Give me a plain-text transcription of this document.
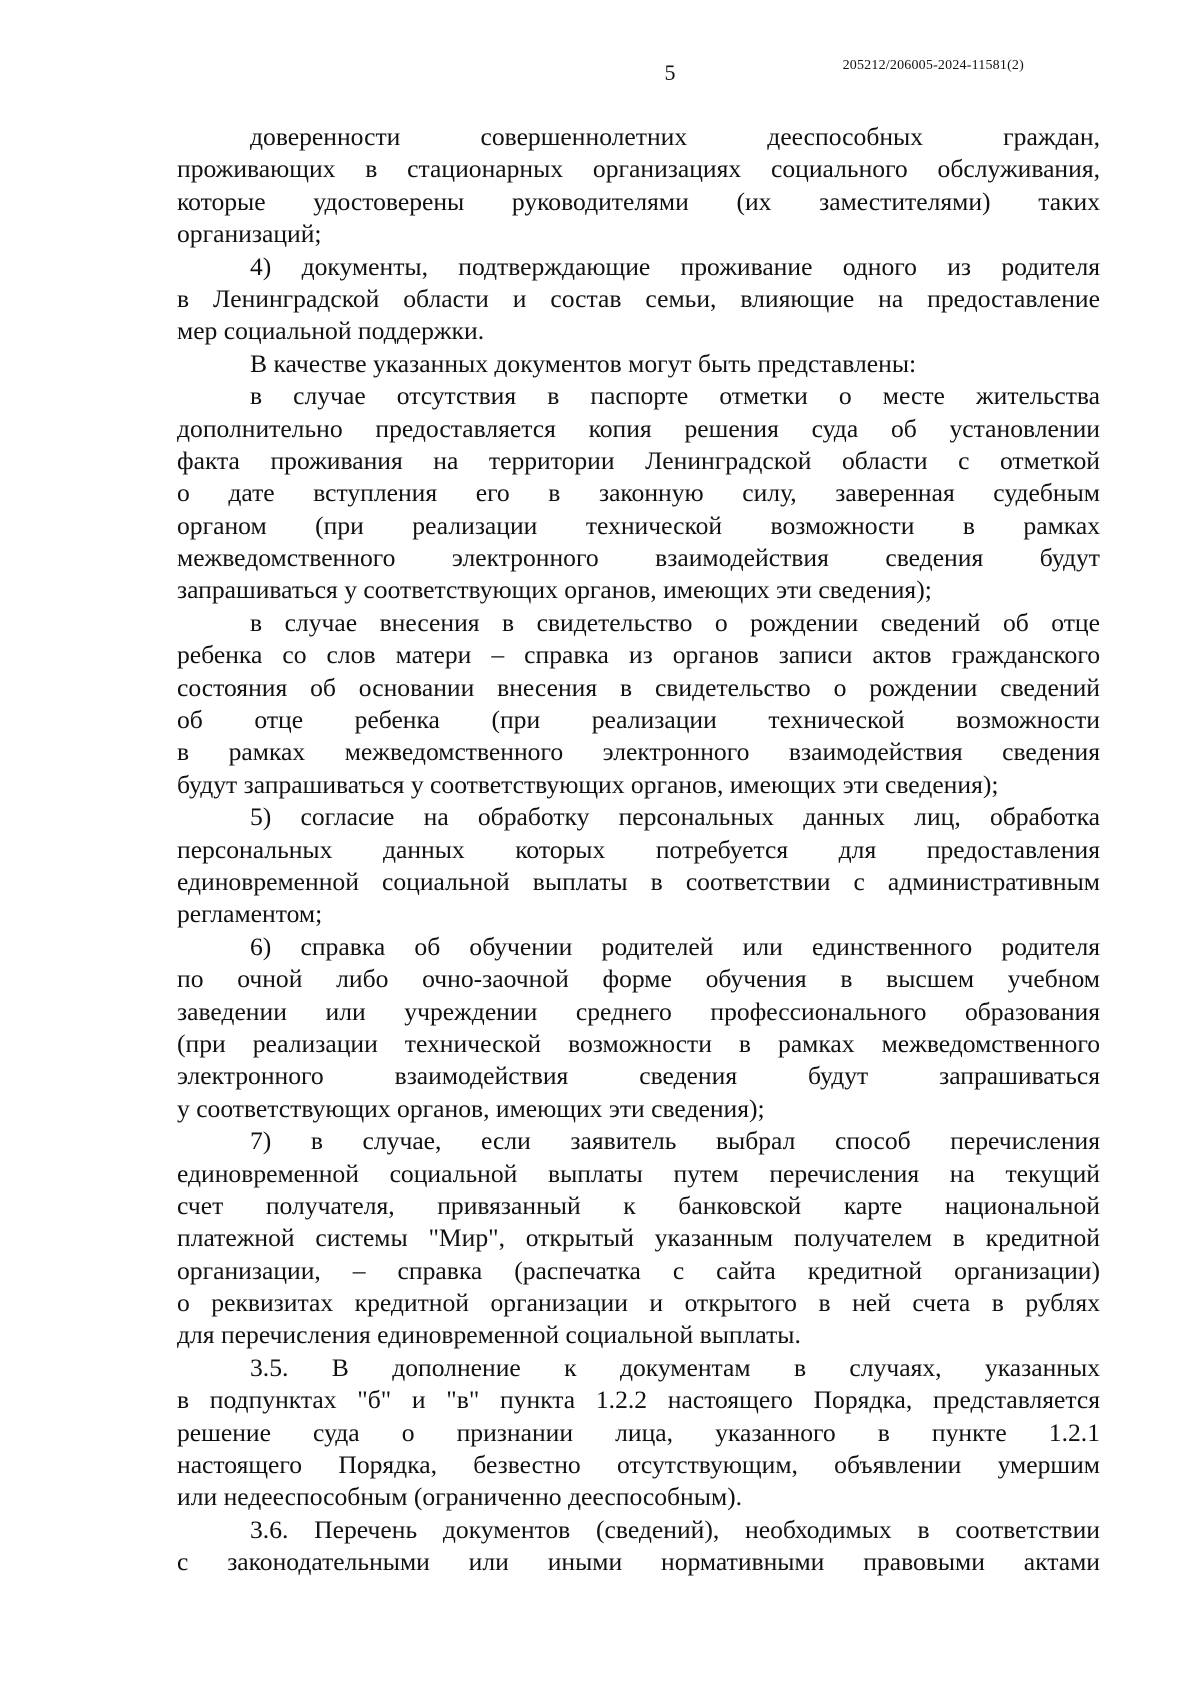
5	205212/206005-2024-11581(2)
доверенности совершеннолетних дееспособных граждан,
проживающих в стационарных организациях социального обслуживания,
которые удостоверены руководителями (их заместителями) таких
организаций;
4) документы, подтверждающие проживание одного из родителя
в Ленинградской области и состав семьи, влияющие на предоставление
мер социальной поддержки.
В качестве указанных документов могут быть представлены:
в случае отсутствия в паспорте отметки о месте жительства
дополнительно предоставляется копия решения суда об установлении
факта проживания на территории Ленинградской области с отметкой
о дате вступления его в законную силу, заверенная судебным
органом (при реализации технической возможности в рамках
межведомственного электронного взаимодействия сведения будут
запрашиваться у соответствующих органов, имеющих эти сведения);
в случае внесения в свидетельство о рождении сведений об отце
ребенка со слов матери – справка из органов записи актов гражданского
состояния об основании внесения в свидетельство о рождении сведений
об отце ребенка (при реализации технической возможности
в рамках межведомственного электронного взаимодействия сведения
будут запрашиваться у соответствующих органов, имеющих эти сведения);
5) согласие на обработку персональных данных лиц, обработка
персональных данных которых потребуется для предоставления
единовременной социальной выплаты в соответствии с административным
регламентом;
6) справка об обучении родителей или единственного родителя
по очной либо очно-заочной форме обучения в высшем учебном
заведении или учреждении среднего профессионального образования
(при реализации технической возможности в рамках межведомственного
электронного взаимодействия сведения будут запрашиваться
у соответствующих органов, имеющих эти сведения);
7) в случае, если заявитель выбрал способ перечисления
единовременной социальной выплаты путем перечисления на текущий
счет получателя, привязанный к банковской карте национальной
платежной системы "Мир", открытый указанным получателем в кредитной
организации, – справка (распечатка с сайта кредитной организации)
о реквизитах кредитной организации и открытого в ней счета в рублях
для перечисления единовременной социальной выплаты.
3.5. В дополнение к документам в случаях, указанных
в подпунктах "б" и "в" пункта 1.2.2 настоящего Порядка, представляется
решение суда о признании лица, указанного в пункте 1.2.1
настоящего Порядка, безвестно отсутствующим, объявлении умершим
или недееспособным (ограниченно дееспособным).
3.6. Перечень документов (сведений), необходимых в соответствии
с законодательными или иными нормативными правовыми актами
